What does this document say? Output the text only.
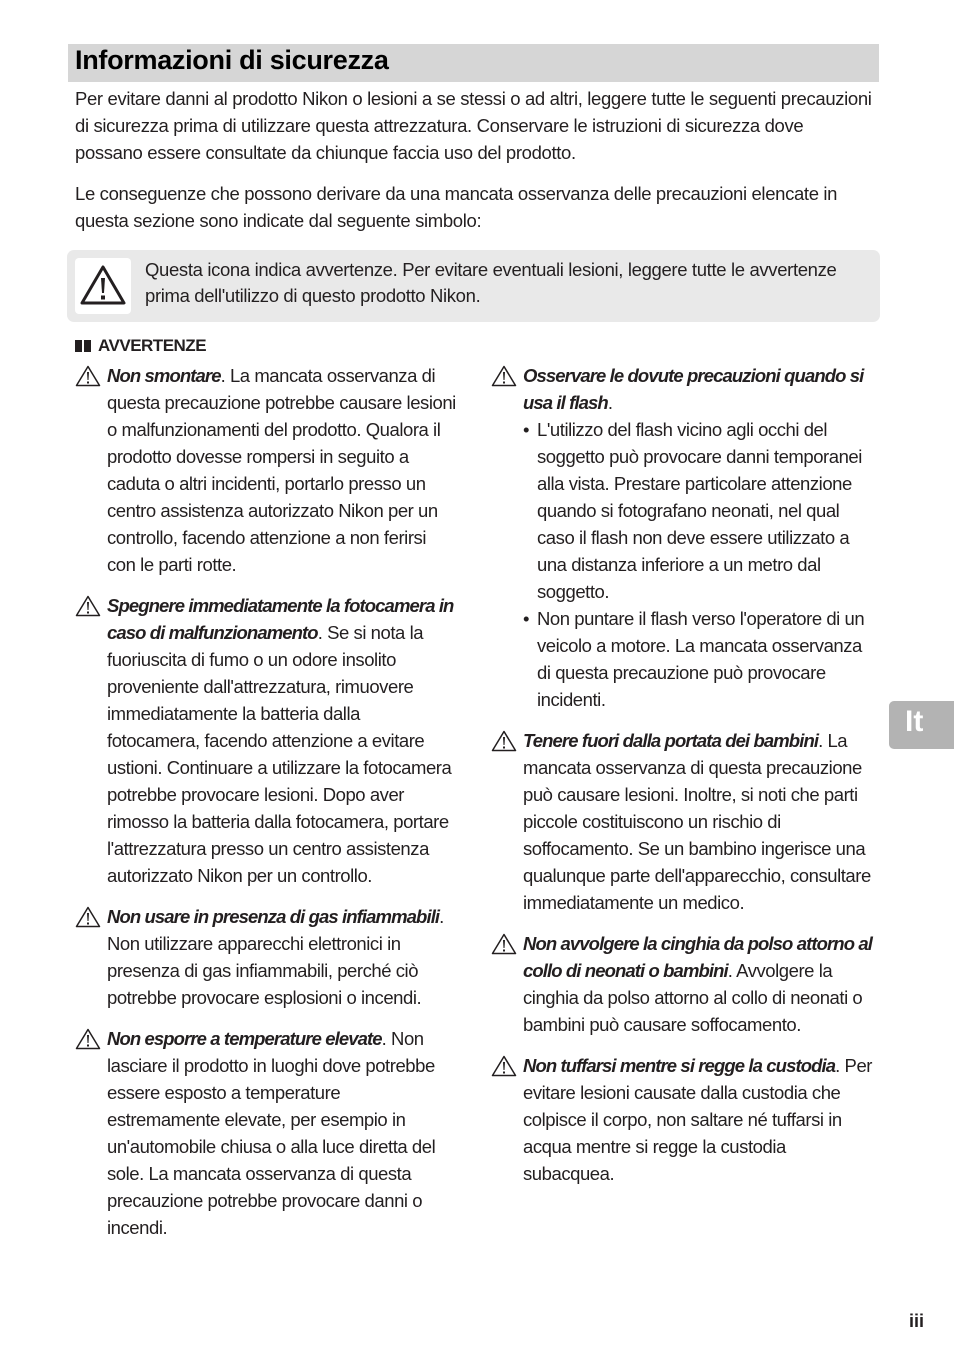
Informazioni di sicurezza

Per evitare danni al prodotto Nikon o lesioni a se stessi o ad altri, leggere tutte le seguenti precauzioni di sicurezza prima di utilizzare questa attrezzatura. Conservare le istruzioni di sicurezza dove possano essere consultate da chiunque faccia uso del prodotto.

Le conseguenze che possono derivare da una mancata osservanza delle precauzioni elencate in questa sezione sono indicate dal seguente simbolo:

Questa icona indica avvertenze. Per evitare eventuali lesioni, leggere tutte le avvertenze prima dell'utilizzo di questo prodotto Nikon.

AVVERTENZE

Non smontare. La mancata osservanza di questa precauzione potrebbe causare lesioni o malfunzionamenti del prodotto. Qualora il prodotto dovesse rompersi in seguito a caduta o altri incidenti, portarlo presso un centro assistenza autorizzato Nikon per un controllo, facendo attenzione a non ferirsi con le parti rotte.

Spegnere immediatamente la fotocamera in caso di malfunzionamento. Se si nota la fuoriuscita di fumo o un odore insolito proveniente dall'attrezzatura, rimuovere immediatamente la batteria dalla fotocamera, facendo attenzione a evitare ustioni. Continuare a utilizzare la fotocamera potrebbe provocare lesioni. Dopo aver rimosso la batteria dalla fotocamera, portare l'attrezzatura presso un centro assistenza autorizzato Nikon per un controllo.

Non usare in presenza di gas infiammabili. Non utilizzare apparecchi elettronici in presenza di gas infiammabili, perché ciò potrebbe provocare esplosioni o incendi.

Non esporre a temperature elevate. Non lasciare il prodotto in luoghi dove potrebbe essere esposto a temperature estremamente elevate, per esempio in un'automobile chiusa o alla luce diretta del sole. La mancata osservanza di questa precauzione potrebbe provocare danni o incendi.

Osservare le dovute precauzioni quando si usa il flash.

• L'utilizzo del flash vicino agli occhi del soggetto può provocare danni temporanei alla vista. Prestare particolare attenzione quando si fotografano neonati, nel qual caso il flash non deve essere utilizzato a una distanza inferiore a un metro dal soggetto.
• Non puntare il flash verso l'operatore di un veicolo a motore. La mancata osservanza di questa precauzione può provocare incidenti.

Tenere fuori dalla portata dei bambini. La mancata osservanza di questa precauzione può causare lesioni. Inoltre, si noti che parti piccole costituiscono un rischio di soffocamento. Se un bambino ingerisce una qualunque parte dell'apparecchio, consultare immediatamente un medico.

Non avvolgere la cinghia da polso attorno al collo di neonati o bambini. Avvolgere la cinghia da polso attorno al collo di neonati o bambini può causare soffocamento.

Non tuffarsi mentre si regge la custodia. Per evitare lesioni causate dalla custodia che colpisce il corpo, non saltare né tuffarsi in acqua mentre si regge la custodia subacquea.

It
iii
